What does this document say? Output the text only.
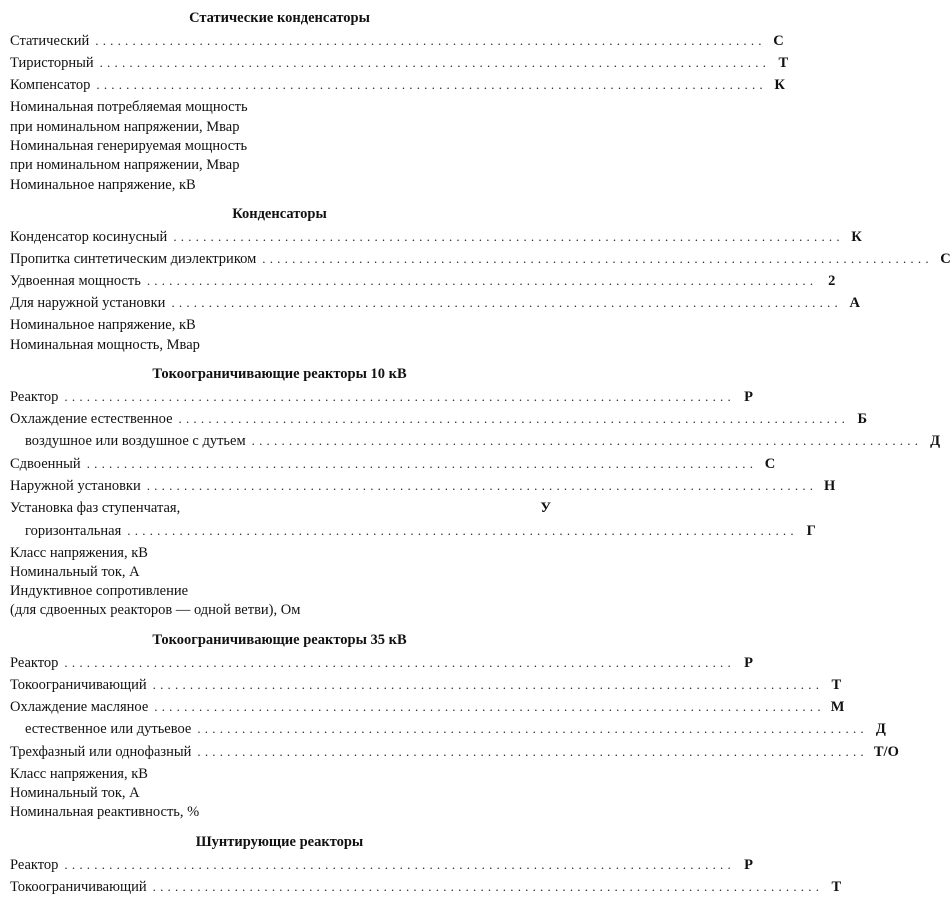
Статические конденсаторы
Статический .......................................................................................... С
Тиристорный .......................................................................................... Т
Компенсатор .......................................................................................... К
Номинальная потребляемая мощность
при номинальном напряжении, Мвар
Номинальная генерируемая мощность
при номинальном напряжении, Мвар
Номинальное напряжение, кВ
Конденсаторы
Конденсатор косинусный .......................................................................................... К
Пропитка синтетическим диэлектриком .......................................................................................... С
Удвоенная мощность .......................................................................................... 2
Для наружной установки .......................................................................................... А
Номинальное напряжение, кВ
Номинальная мощность, Мвар
Токоограничивающие реакторы 10 кВ
Реактор .......................................................................................... Р
Охлаждение естественное .......................................................................................... Б
воздушное или воздушное с дутьем .......................................................................................... Д
Сдвоенный .......................................................................................... С
Наружной установки .......................................................................................... Н
Установка фаз ступенчатая,	У
горизонтальная .......................................................................................... Г
Класс напряжения, кВ
Номинальный ток, А
Индуктивное сопротивление
(для сдвоенных реакторов — одной ветви), Ом
Токоограничивающие реакторы 35 кВ
Реактор .......................................................................................... Р
Токоограничивающий .......................................................................................... Т
Охлаждение масляное .......................................................................................... М
естественное или дутьевое .......................................................................................... Д
Трехфазный или однофазный .......................................................................................... Т/О
Класс напряжения, кВ
Номинальный ток, А
Номинальная реактивность, %
Шунтирующие реакторы
Реактор .......................................................................................... Р
Токоограничивающий .......................................................................................... Т
